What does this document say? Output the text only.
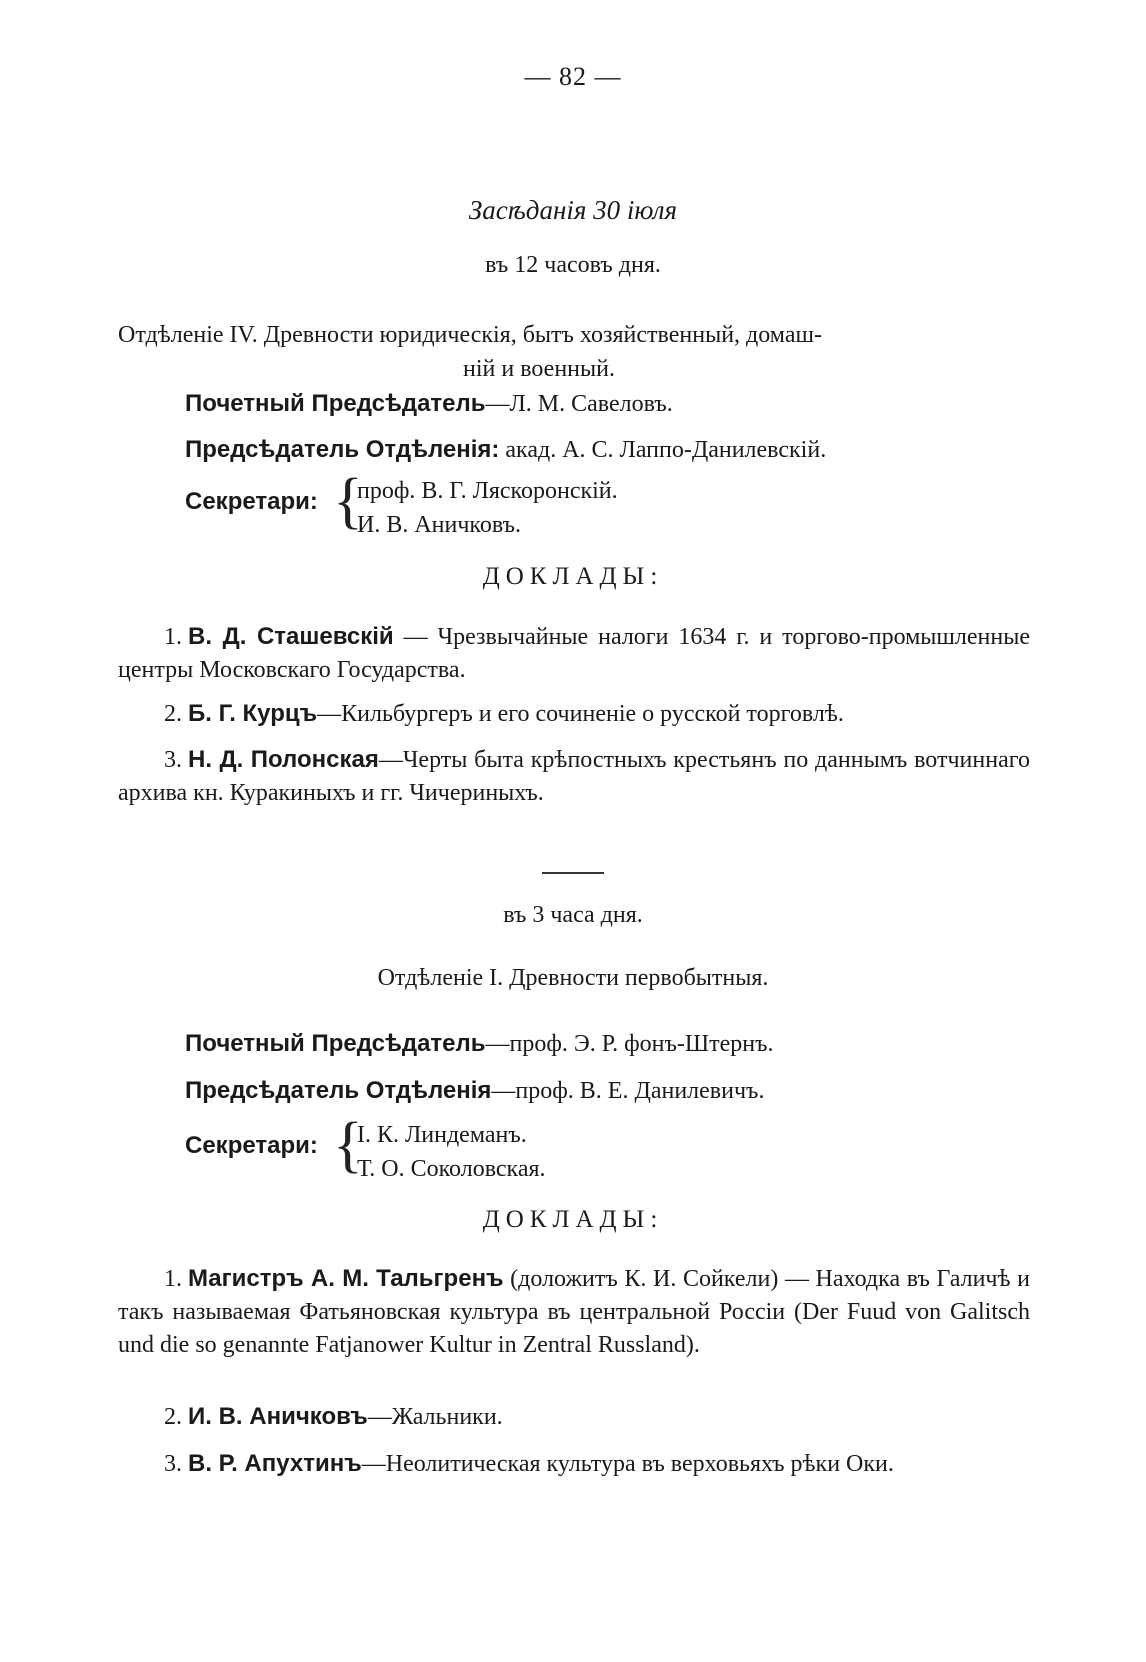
— 82 —
Засѣданія 30 іюля
въ 12 часовъ дня.
Отдѣленіе IV. Древности юридическія, бытъ хозяйственный, домаш-
ній и военный.
Почетный Предсѣдатель—Л. М. Савеловъ.
Предсѣдатель Отдѣленія: акад. А. С. Лаппо-Данилевскій.
Секретари: {
проф. В. Г. Ляскоронскій.
И. В. Аничковъ.
ДОКЛАДЫ:
1. В. Д. Сташевскій — Чрезвычайные налоги 1634 г. и торгово-промышленные центры Московскаго Государства.
2. Б. Г. Курцъ—Кильбургеръ и его сочиненіе о русской торговлѣ.
3. Н. Д. Полонская—Черты быта крѣпостныхъ крестьянъ по даннымъ вотчиннаго архива кн. Куракиныхъ и гг. Чичериныхъ.
въ 3 часа дня.
Отдѣленіе I. Древности первобытныя.
Почетный Предсѣдатель—проф. Э. Р. фонъ-Штернъ.
Предсѣдатель Отдѣленія—проф. В. Е. Данилевичъ.
Секретари: {
I. К. Линдеманъ.
Т. О. Соколовская.
ДОКЛАДЫ:
1. Магистръ А. М. Тальгренъ (доложитъ К. И. Сойкели) — Находка въ Галичѣ и такъ называемая Фатьяновская культура въ центральной Россіи (Der Fuud von Galitsch und die so genannte Fatjanower Kultur in Zentral Russland).
2. И. В. Аничковъ—Жальники.
3. В. Р. Апухтинъ—Неолитическая культура въ верховьяхъ рѣки Оки.
